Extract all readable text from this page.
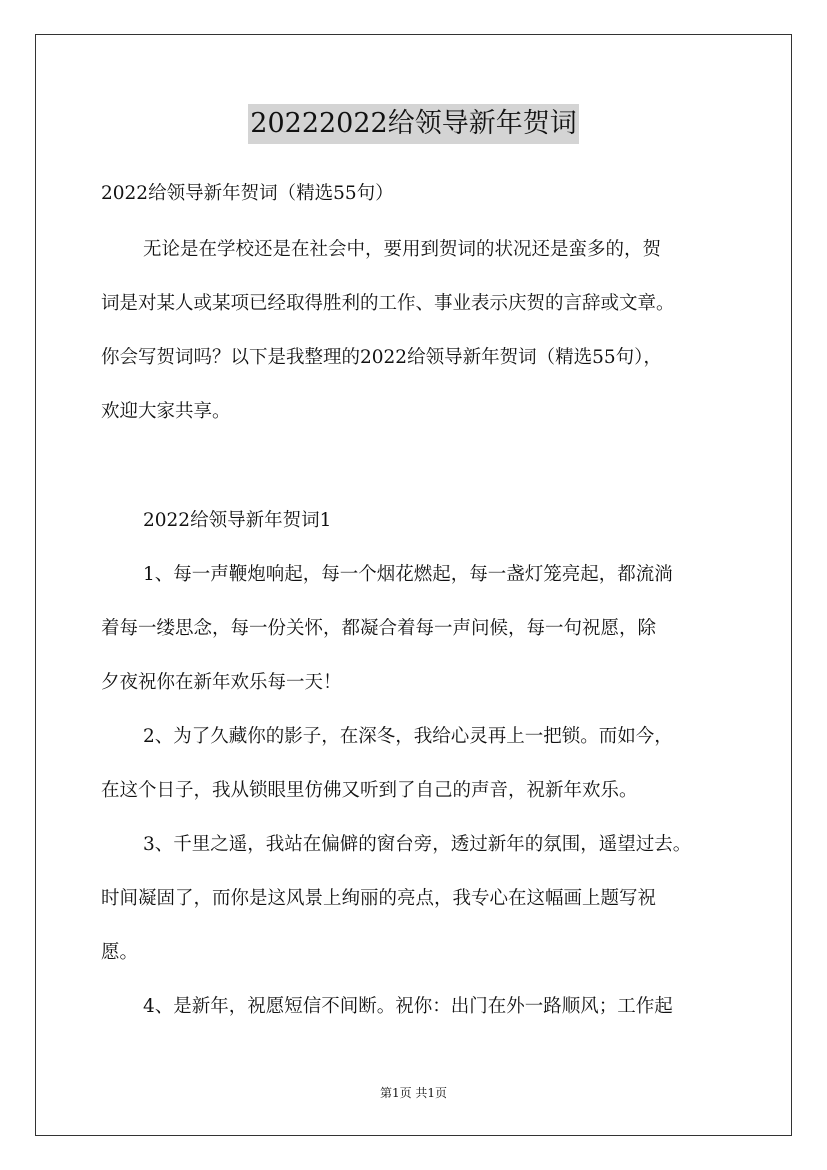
20222022给领导新年贺词
2022给领导新年贺词（精选55句）
无论是在学校还是在社会中，要用到贺词的状况还是蛮多的，贺
词是对某人或某项已经取得胜利的工作、事业表示庆贺的言辞或文章。
你会写贺词吗？以下是我整理的2022给领导新年贺词（精选55句），
欢迎大家共享。
2022给领导新年贺词1
1、每一声鞭炮响起，每一个烟花燃起，每一盏灯笼亮起，都流淌
着每一缕思念，每一份关怀，都凝合着每一声问候，每一句祝愿，除
夕夜祝你在新年欢乐每一天！
2、为了久藏你的影子，在深冬，我给心灵再上一把锁。而如今，
在这个日子，我从锁眼里仿佛又听到了自己的声音，祝新年欢乐。
3、千里之遥，我站在偏僻的窗台旁，透过新年的氛围，遥望过去。
时间凝固了，而你是这风景上绚丽的亮点，我专心在这幅画上题写祝
愿。
4、是新年，祝愿短信不间断。祝你：出门在外一路顺风；工作起
第1页 共1页
